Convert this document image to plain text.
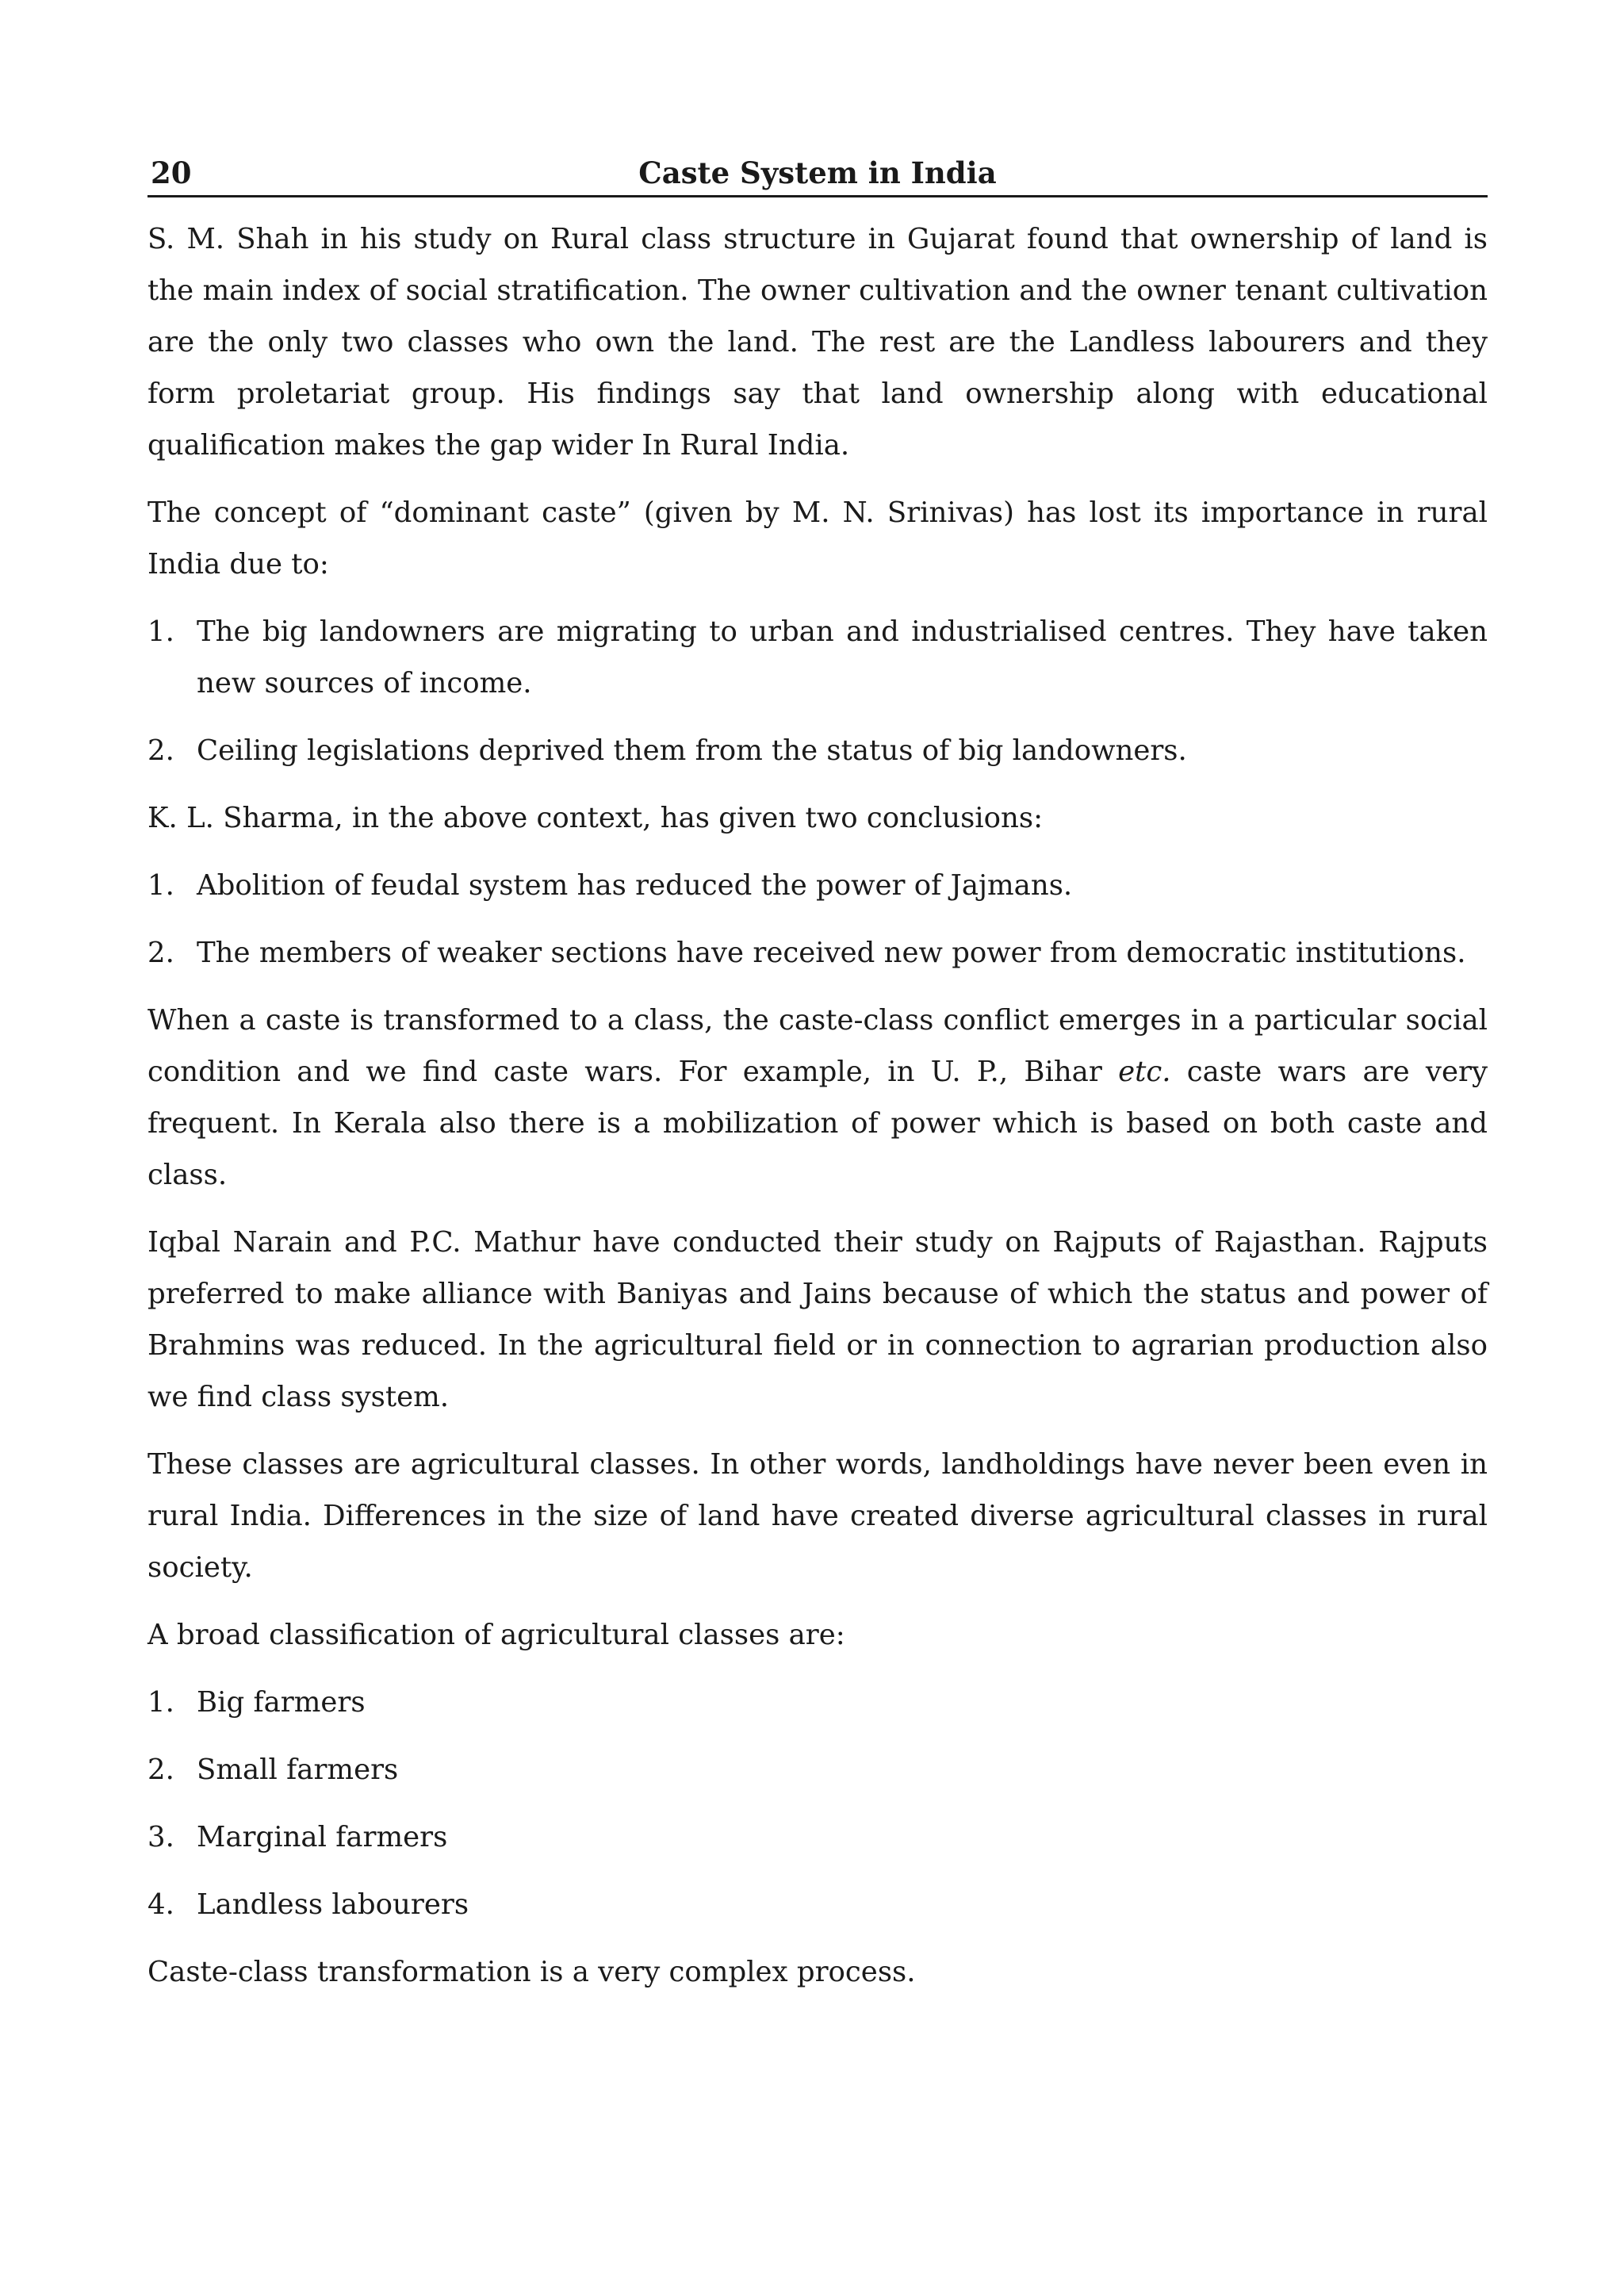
20	Caste System in India

S. M. Shah in his study on Rural class structure in Gujarat found that ownership of land is the main index of social stratification. The owner cultivation and the owner tenant cultivation are the only two classes who own the land. The rest are the Landless labourers and they form proletariat group. His findings say that land ownership along with educational qualification makes the gap wider In Rural India.

The concept of “dominant caste” (given by M. N. Srinivas) has lost its importance in rural India due to:

1. The big landowners are migrating to urban and industrialised centres. They have taken new sources of income.
2. Ceiling legislations deprived them from the status of big landowners.

K. L. Sharma, in the above context, has given two conclusions:

1. Abolition of feudal system has reduced the power of Jajmans.
2. The members of weaker sections have received new power from democratic institutions.

When a caste is transformed to a class, the caste-class conflict emerges in a particular social condition and we find caste wars. For example, in U. P., Bihar etc. caste wars are very frequent. In Kerala also there is a mobilization of power which is based on both caste and class.

Iqbal Narain and P.C. Mathur have conducted their study on Rajputs of Rajasthan. Rajputs preferred to make alliance with Baniyas and Jains because of which the status and power of Brahmins was reduced. In the agricultural field or in connection to agrarian production also we find class system.

These classes are agricultural classes. In other words, landholdings have never been even in rural India. Differences in the size of land have created diverse agricultural classes in rural society.

A broad classification of agricultural classes are:

1. Big farmers
2. Small farmers
3. Marginal farmers
4. Landless labourers

Caste-class transformation is a very complex process.
